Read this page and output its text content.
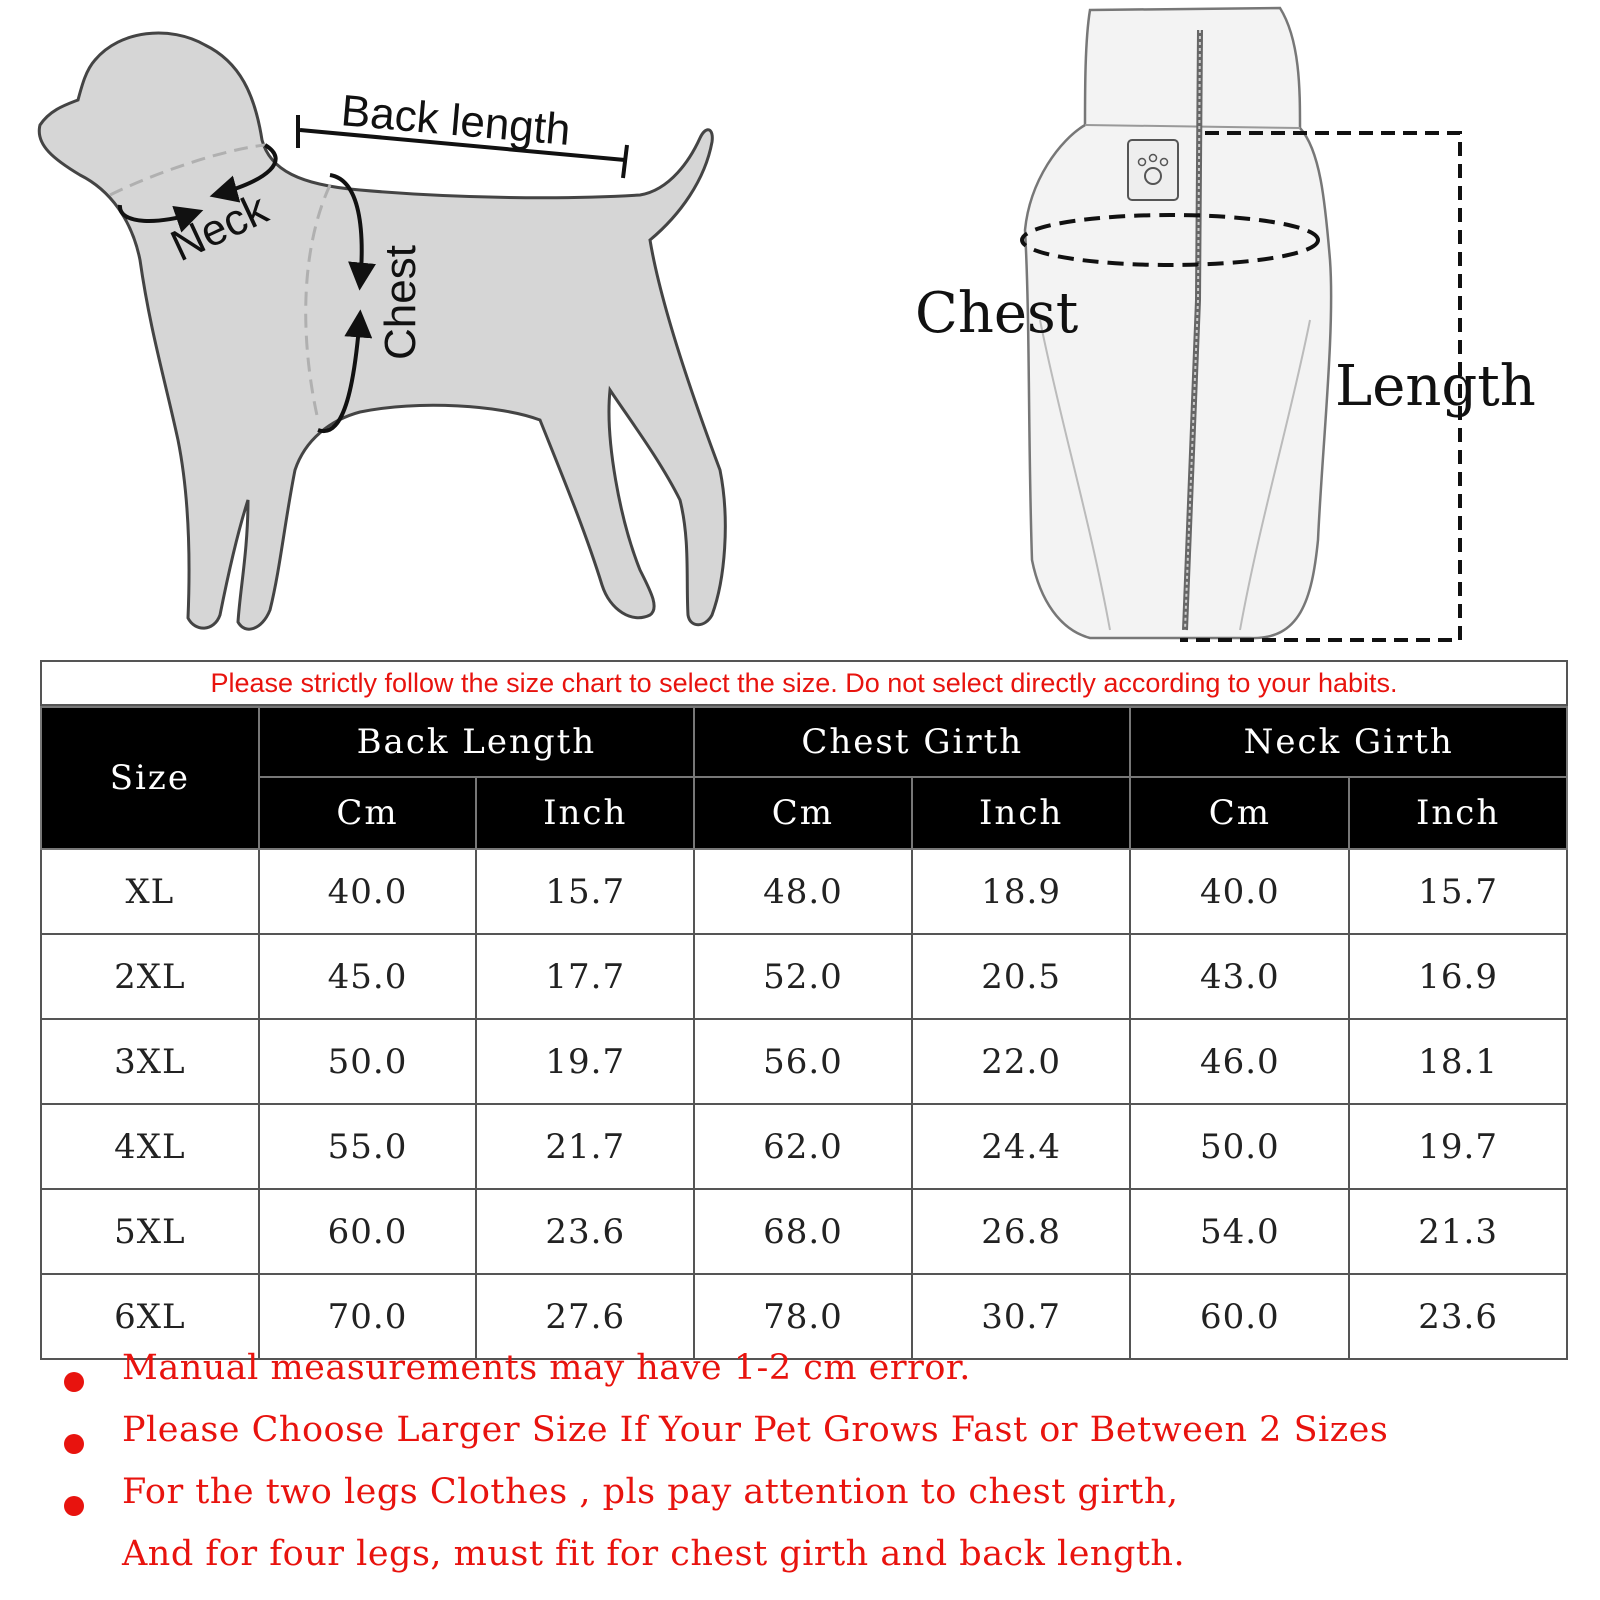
Back length
Neck
Chest	Chest
Length
Please strictly follow the size chart to select the size. Do not select directly according to your habits.
Size	Back Length		Chest Girth		Neck Girth	
	Cm	Inch	Cm	Inch	Cm	Inch
XL	40.0	15.7	48.0	18.9	40.0	15.7
2XL	45.0	17.7	52.0	20.5	43.0	16.9
3XL	50.0	19.7	56.0	22.0	46.0	18.1
4XL	55.0	21.7	62.0	24.4	50.0	19.7
5XL	60.0	23.6	68.0	26.8	54.0	21.3
6XL	70.0	27.6	78.0	30.7	60.0	23.6
Manual measurements may have 1-2 cm error.
Please Choose Larger Size If Your Pet Grows Fast or Between 2 Sizes
For the two legs Clothes , pls pay attention to chest girth,
And for four legs, must fit for chest girth and back length.
